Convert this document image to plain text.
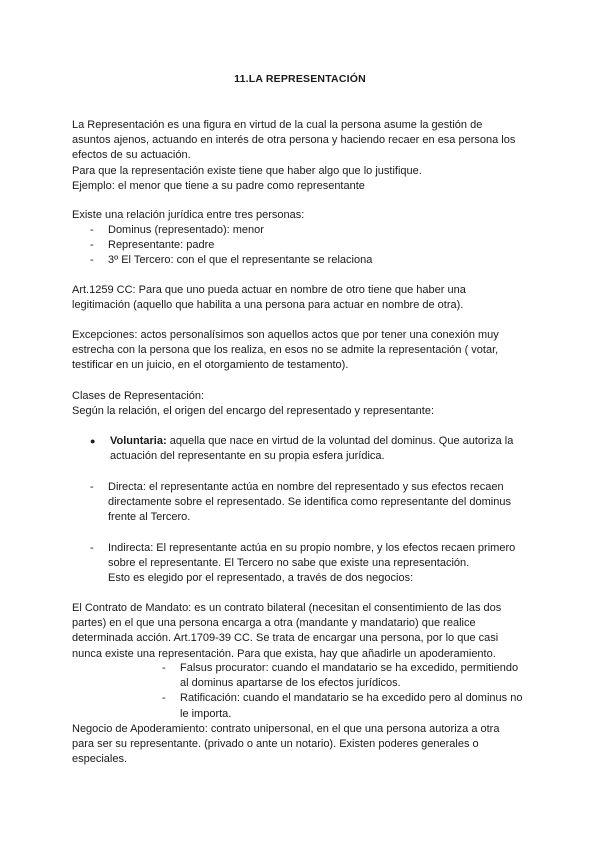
11.LA REPRESENTACIÓN
La Representación es una figura en virtud de la cual la persona asume la gestión de
asuntos ajenos, actuando en interés de otra persona y haciendo recaer en esa persona los
efectos de su actuación.
Para que la representación existe tiene que haber algo que lo justifique.
Ejemplo: el menor que tiene a su padre como representante
Existe una relación jurídica entre tres personas:
- Dominus (representado): menor
- Representante: padre
- 3º El Tercero: con el que el representante se relaciona
Art.1259 CC: Para que uno pueda actuar en nombre de otro tiene que haber una
legitimación (aquello que habilita a una persona para actuar en nombre de otra).
Excepciones: actos personalísimos son aquellos actos que por tener una conexión muy
estrecha con la persona que los realiza, en esos no se admite la representación ( votar,
testificar en un juicio, en el otorgamiento de testamento).
Clases de Representación:
Según la relación, el origen del encargo del representado y representante:
● Voluntaria: aquella que nace en virtud de la voluntad del dominus. Que autoriza la
actuación del representante en su propia esfera jurídica.
- Directa: el representante actúa en nombre del representado y sus efectos recaen
directamente sobre el representado. Se identifica como representante del dominus
frente al Tercero.
- Indirecta: El representante actúa en su propio nombre, y los efectos recaen primero
sobre el representante. El Tercero no sabe que existe una representación.
Esto es elegido por el representado, a través de dos negocios:
El Contrato de Mandato: es un contrato bilateral (necesitan el consentimiento de las dos
partes) en el que una persona encarga a otra (mandante y mandatario) que realice
determinada acción. Art.1709-39 CC. Se trata de encargar una persona, por lo que casi
nunca existe una representación. Para que exista, hay que añadirle un apoderamiento.
- Falsus procurator: cuando el mandatario se ha excedido, permitiendo
al dominus apartarse de los efectos jurídicos.
- Ratificación: cuando el mandatario se ha excedido pero al dominus no
le importa.
Negocio de Apoderamiento: contrato unipersonal, en el que una persona autoriza a otra
para ser su representante. (privado o ante un notario). Existen poderes generales o
especiales.
